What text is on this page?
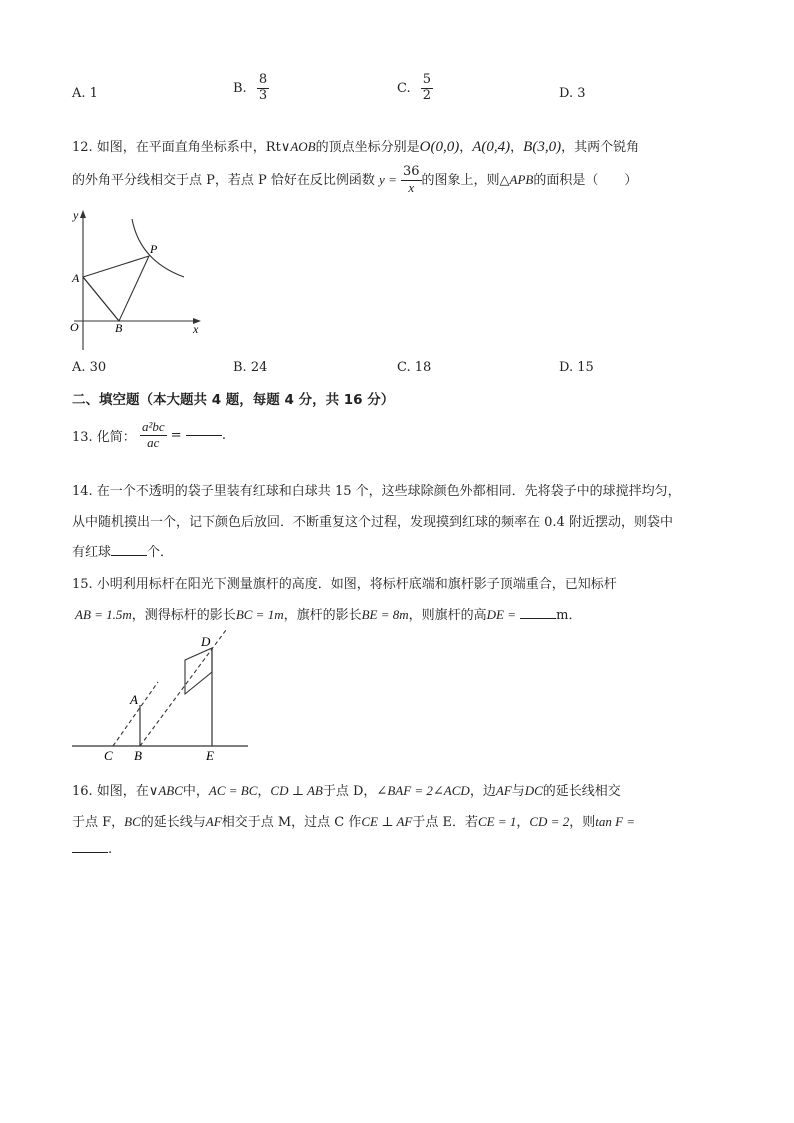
A. 1	B. $\frac{8}{3}$	C. $\frac{5}{2}$	D. 3
12. 如图，在平面直角坐标系中，Rt∨AOB的顶点坐标分别是O(0,0)，A(0,4)，B(3,0)，其两个锐角
的外角平分线相交于点 P，若点 P 恰好在反比例函数 $y = \frac{36}{x}$ 的图象上，则△APB的面积是（　　）
y
P
A
O	B	x
A. 30	B. 24	C. 18	D. 15
二、填空题（本大题共 4 题，每题 4 分，共 16 分）
13. 化简： $\frac{\text{a²bc}}{ac}$ =	.
14. 在一个不透明的袋子里装有红球和白球共 15 个，这些球除颜色外都相同．先将袋子中的球搅拌均匀，
从中随机摸出一个，记下颜色后放回．不断重复这个过程，发现摸到红球的频率在 0.4 附近摆动，则袋中
有红球	个．
15. 小明利用标杆在阳光下测量旗杆的高度．如图，将标杆底端和旗杆影子顶端重合，已知标杆
AB = 1.5m，测得标杆的影长BC = 1m，旗杆的影长BE = 8m，则旗杆的高DE =	m．
D
A
C B	E
16. 如图，在∨ABC中，AC = BC，CD ⊥ AB于点 D，∠BAF = 2∠ACD，边AF与DC的延长线相交
于点 F，BC的延长线与AF相交于点 M，过点 C 作CE ⊥ AF于点 E．若CE = 1，CD = 2，则tan F =
.
